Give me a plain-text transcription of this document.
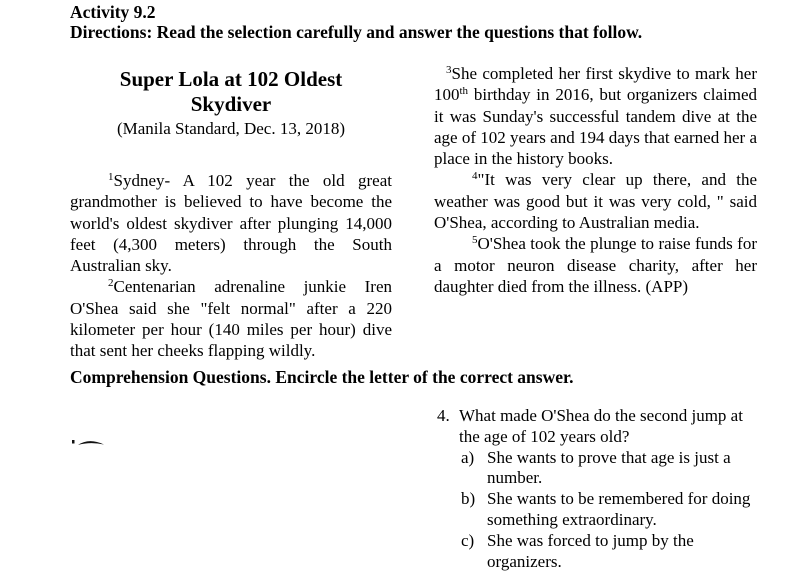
Activity 9.2
Directions: Read the selection carefully and answer the questions that follow.
Super Lola at 102 Oldest
Skydiver
(Manila Standard, Dec. 13, 2018)

$^1$Sydney- A 102 year the old great grandmother is believed to have become the world's oldest skydiver after plunging 14,000 feet (4,300 meters) through the South Australian sky.

$^2$Centenarian adrenaline junkie Iren O'Shea said she "felt normal" after a 220 kilometer per hour (140 miles per hour) dive that sent her cheeks flapping wildly.

$^3$She completed her first skydive to mark her 100th birthday in 2016, but organizers claimed it was Sunday's successful tandem dive at the age of 102 years and 194 days that earned her a place in the history books.

$^4$"It was very clear up there, and the weather was good but it was very cold, " said O'Shea, according to Australian media.

$^5$O'Shea took the plunge to raise funds for a motor neuron disease charity, after her daughter died from the illness. (APP)

Comprehension Questions. Encircle the letter of the correct answer.
4. What made O'Shea do the second jump at the age of 102 years old?
a) She wants to prove that age is just a number.
b) She wants to be remembered for doing something extraordinary.
c) She was forced to jump by the organizers.
